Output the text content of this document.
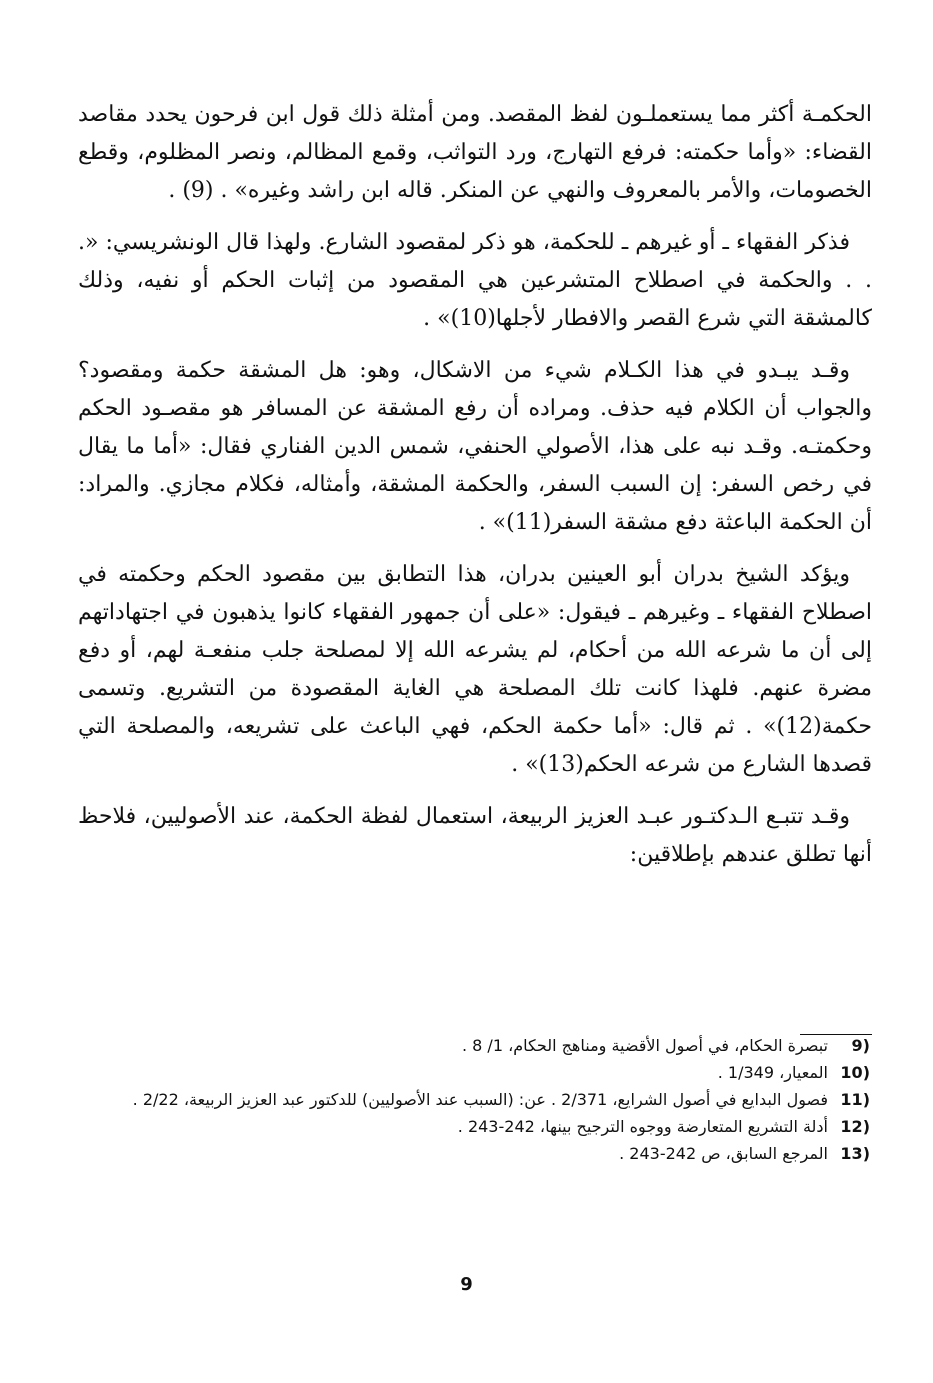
الحكمـة أكثر مما يستعملـون لفظ المقصد. ومن أمثلة ذلك قول ابن فرحون يحدد مقاصد القضاء: «وأما حكمته: فرفع التهارج، ورد التواثب، وقمع المظالم، ونصر المظلوم، وقطع الخصومات، والأمر بالمعروف والنهي عن المنكر. قاله ابن راشد وغيره» . (9) .

فذكر الفقهاء ـ أو غيرهم ـ للحكمة، هو ذكر لمقصود الشارع. ولهذا قال الونشريسي: «. . . والحكمة في اصطلاح المتشرعين هي المقصود من إثبات الحكم أو نفيه، وذلك كالمشقة التي شرع القصر والافطار لأجلها(10)» .

وقـد يبـدو في هذا الكـلام شيء من الاشكال، وهو: هل المشقة حكمة ومقصود؟ والجواب أن الكلام فيه حذف. ومراده أن رفع المشقة عن المسافر هو مقصـود الحكم وحكمتـه. وقـد نبه على هذا، الأصولي الحنفي، شمس الدين الفناري فقال: «أما ما يقال في رخص السفر: إن السبب السفر، والحكمة المشقة، وأمثاله، فكلام مجازي. والمراد: أن الحكمة الباعثة دفع مشقة السفر(11)» .

ويؤكد الشيخ بدران أبو العينين بدران، هذا التطابق بين مقصود الحكم وحكمته في اصطلاح الفقهاء ـ وغيرهم ـ فيقول: «على أن جمهور الفقهاء كانوا يذهبون في اجتهاداتهم إلى أن ما شرعه الله من أحكام، لم يشرعه الله إلا لمصلحة جلب منفعـة لهم، أو دفع مضرة عنهم. فلهذا كانت تلك المصلحة هي الغاية المقصودة من التشريع. وتسمى حكمة(12)» . ثم قال: «أما حكمة الحكم، فهي الباعث على تشريعه، والمصلحة التي قصدها الشارع من شرعه الحكم(13)» .

وقـد تتبـع الـدكتـور عبـد العزيز الربيعة، استعمال لفظة الحكمة، عند الأصوليين، فلاحظ أنها تطلق عندهم بإطلاقين:

9)
تبصرة الحكام، في أصول الأقضية ومناهج الحكام، 1/ 8 .
10)
المعيار، 1/349 .
11)
فصول البدايع في أصول الشرايع، 2/371 . عن: (السبب عند الأصوليين) للدكتور عبد العزيز الربيعة، 2/22 .
12)
أدلة التشريع المتعارضة ووجوه الترجيح بينها، 242-243 .
13)
المرجع السابق، ص 242-243 .
9
